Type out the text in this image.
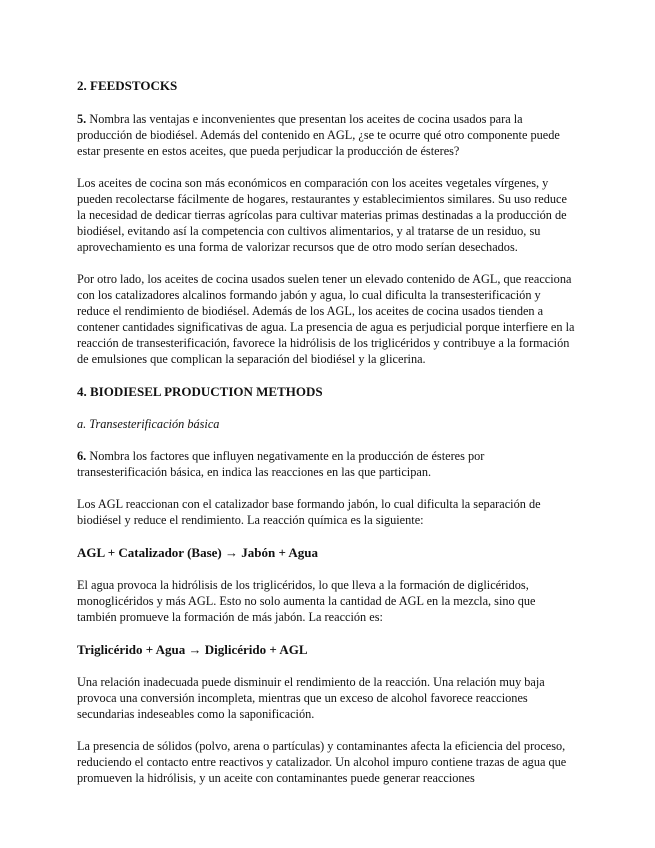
2. FEEDSTOCKS

5. Nombra las ventajas e inconvenientes que presentan los aceites de cocina usados para la producción de biodiésel. Además del contenido en AGL, ¿se te ocurre qué otro componente puede estar presente en estos aceites, que pueda perjudicar la producción de ésteres?

Los aceites de cocina son más económicos en comparación con los aceites vegetales vírgenes, y pueden recolectarse fácilmente de hogares, restaurantes y establecimientos similares. Su uso reduce la necesidad de dedicar tierras agrícolas para cultivar materias primas destinadas a la producción de biodiésel, evitando así la competencia con cultivos alimentarios, y al tratarse de un residuo, su aprovechamiento es una forma de valorizar recursos que de otro modo serían desechados.

Por otro lado, los aceites de cocina usados suelen tener un elevado contenido de AGL, que reacciona con los catalizadores alcalinos formando jabón y agua, lo cual dificulta la transesterificación y reduce el rendimiento de biodiésel. Además de los AGL, los aceites de cocina usados tienden a contener cantidades significativas de agua. La presencia de agua es perjudicial porque interfiere en la reacción de transesterificación, favorece la hidrólisis de los triglicéridos y contribuye a la formación de emulsiones que complican la separación del biodiésel y la glicerina.

4. BIODIESEL PRODUCTION METHODS

a. Transesterificación básica

6. Nombra los factores que influyen negativamente en la producción de ésteres por transesterificación básica, en indica las reacciones en las que participan.

Los AGL reaccionan con el catalizador base formando jabón, lo cual dificulta la separación de biodiésel y reduce el rendimiento. La reacción química es la siguiente:

AGL + Catalizador (Base) → Jabón + Agua

El agua provoca la hidrólisis de los triglicéridos, lo que lleva a la formación de diglicéridos, monoglicéridos y más AGL. Esto no solo aumenta la cantidad de AGL en la mezcla, sino que también promueve la formación de más jabón. La reacción es:

Triglicérido + Agua → Diglicérido + AGL

Una relación inadecuada puede disminuir el rendimiento de la reacción. Una relación muy baja provoca una conversión incompleta, mientras que un exceso de alcohol favorece reacciones secundarias indeseables como la saponificación.

La presencia de sólidos (polvo, arena o partículas) y contaminantes afecta la eficiencia del proceso, reduciendo el contacto entre reactivos y catalizador. Un alcohol impuro contiene trazas de agua que promueven la hidrólisis, y un aceite con contaminantes puede generar reacciones
